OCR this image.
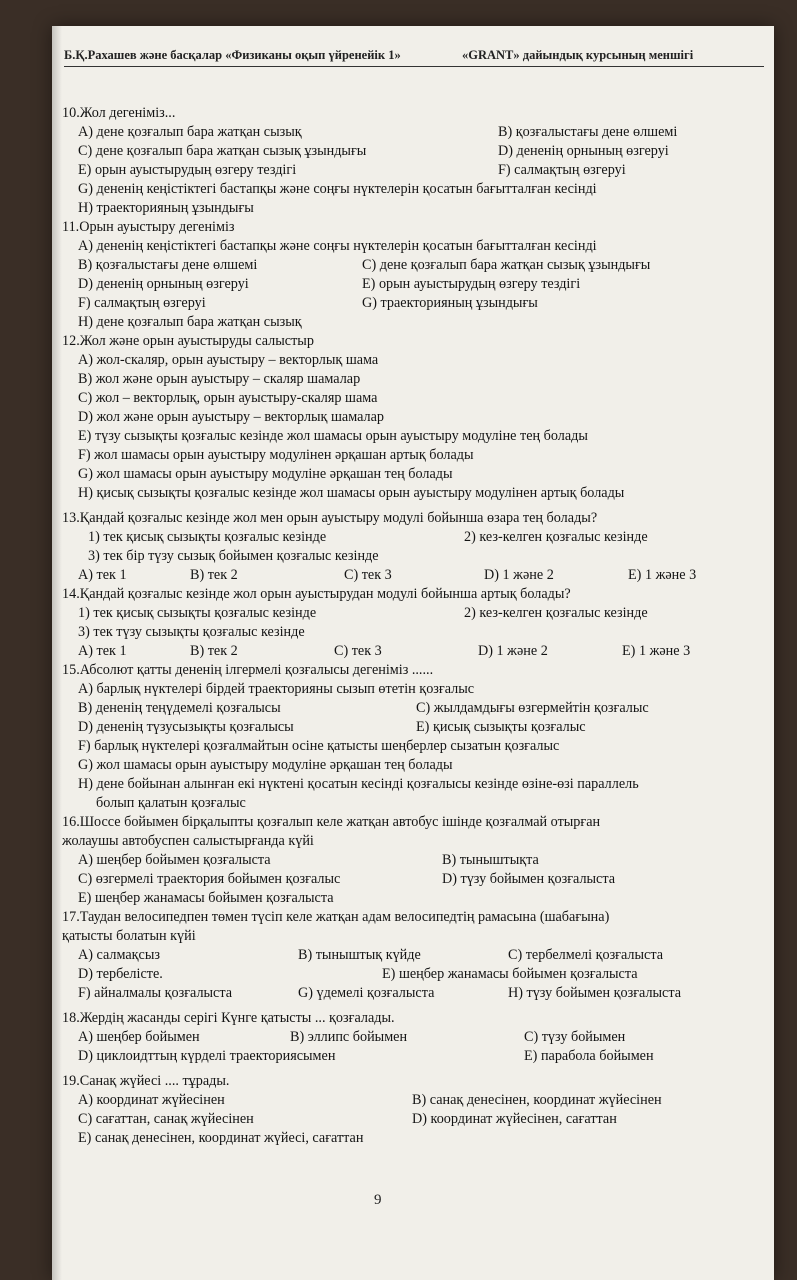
Б.Қ.Рахашев және басқалар «Физиканы оқып үйренейік 1»	«GRANT» дайындық курсының меншігі

10.Жол дегеніміз...
A) дене қозғалып бара жатқан сызық	B) қозғалыстағы дене өлшемі
C) дене қозғалып бара жатқан сызық ұзындығы	D) дененің орнының өзгеруі
E) орын ауыстырудың өзгеру тездігі	F) салмақтың өзгеруі
G) дененің кеңістіктегі бастапқы және соңғы нүктелерін қосатын бағытталған кесінді
H) траекторияның ұзындығы
11.Орын ауыстыру дегеніміз
A) дененің кеңістіктегі бастапқы және соңғы нүктелерін қосатын бағытталған кесінді
B) қозғалыстағы дене өлшемі	C) дене қозғалып бара жатқан сызық ұзындығы
D) дененің орнының өзгеруі	E) орын ауыстырудың өзгеру тездігі
F) салмақтың өзгеруі	G) траекторияның ұзындығы
H) дене қозғалып бара жатқан сызық
12.Жол және орын ауыстыруды салыстыр
A) жол-скаляр, орын ауыстыру – векторлық шама
B) жол және орын ауыстыру – скаляр шамалар
C) жол – векторлық, орын ауыстыру-скаляр шама
D) жол және орын ауыстыру – векторлық шамалар
E) түзу сызықты қозғалыс кезінде жол шамасы орын ауыстыру модуліне тең болады
F) жол шамасы орын ауыстыру модулінен әрқашан артық болады
G) жол шамасы орын ауыстыру модуліне әрқашан тең болады
H) қисық сызықты қозғалыс кезінде жол шамасы орын ауыстыру модулінен артық болады
13.Қандай қозғалыс кезінде жол мен орын ауыстыру модулі бойынша өзара тең болады?
1) тек қисық сызықты қозғалыс кезінде	2) кез-келген қозғалыс кезінде
3) тек бір түзу сызық бойымен қозғалыс кезінде
A) тек 1	B) тек 2	C) тек 3	D) 1 және 2	E) 1 және 3
14.Қандай қозғалыс кезінде жол орын ауыстырудан модулі бойынша артық болады?
1) тек қисық сызықты қозғалыс кезінде	2) кез-келген қозғалыс кезінде
3) тек түзу сызықты қозғалыс кезінде
A) тек 1	B) тек 2	C) тек 3	D) 1 және 2	E) 1 және 3
15.Абсолют қатты дененің ілгермелі қозғалысы дегеніміз ......
A) барлық нүктелері бірдей траекторияны сызып өтетін қозғалыс
B) дененің теңүдемелі қозғалысы	C) жылдамдығы өзгермейтін қозғалыс
D) дененің түзусызықты қозғалысы	E) қисық сызықты қозғалыс
F) барлық нүктелері қозғалмайтын осіне қатысты шеңберлер сызатын қозғалыс
G) жол шамасы орын ауыстыру модуліне әрқашан тең болады
H) дене бойынан алынған екі нүктені қосатын кесінді қозғалысы кезінде өзіне-өзі параллель
болып қалатын қозғалыс
16.Шоссе бойымен бірқалыпты қозғалып келе жатқан автобус ішінде қозғалмай отырған
жолаушы автобуспен салыстырғанда күйі
A) шеңбер бойымен қозғалыста	B) тыныштықта
C) өзгермелі траектория бойымен қозғалыс	D) түзу бойымен қозғалыста
E) шеңбер жанамасы бойымен қозғалыста
17.Таудан велосипедпен төмен түсіп келе жатқан адам велосипедтің рамасына (шабағына)
қатысты болатын күйі
A) салмақсыз	B) тыныштық күйде	C) тербелмелі қозғалыста
D) тербелісте.	E) шеңбер жанамасы бойымен қозғалыста
F) айналмалы қозғалыста	G) үдемелі қозғалыста	H) түзу бойымен қозғалыста
18.Жердің жасанды серігі Күнге қатысты ... қозғалады.
A) шеңбер бойымен	B) эллипс бойымен	C) түзу бойымен
D) циклоидттың күрделі траекториясымен	E) парабола бойымен
19.Санақ жүйесі .... тұрады.
A) координат жүйесінен	B) санақ денесінен, координат жүйесінен
C) сағаттан, санақ жүйесінен	D) координат жүйесінен, сағаттан
E) санақ денесінен, координат жүйесі, сағаттан
9
